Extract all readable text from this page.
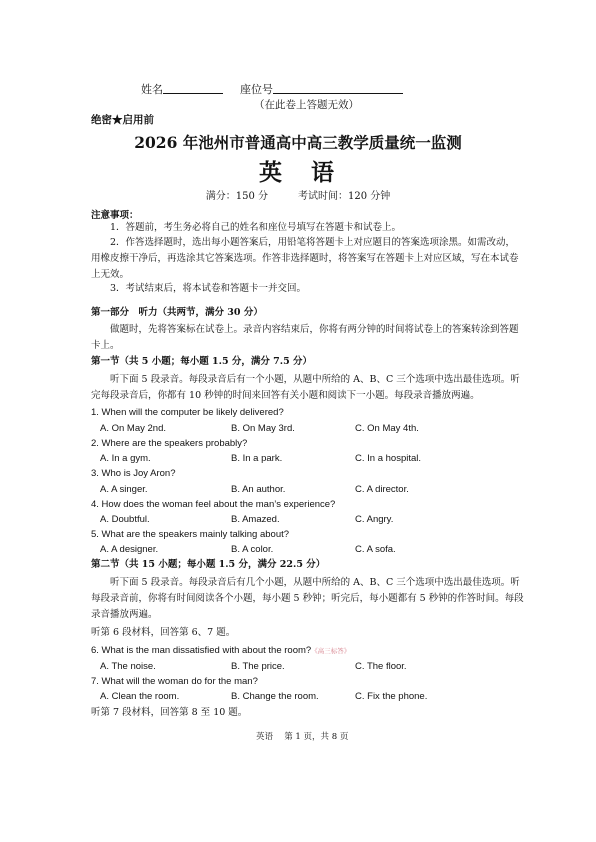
姓名	座位号
（在此卷上答题无效）
绝密★启用前
2026 年池州市普通高中高三教学质量统一监测
英　语
满分：150 分　　　考试时间：120 分钟
注意事项：
1．答题前，考生务必将自己的姓名和座位号填写在答题卡和试卷上。
2．作答选择题时，选出每小题答案后，用铅笔将答题卡上对应题目的答案选项涂黑。如需改动，用橡皮擦干净后，再选涂其它答案选项。作答非选择题时，将答案写在答题卡上对应区域，写在本试卷上无效。
3．考试结束后，将本试卷和答题卡一并交回。
第一部分　听力（共两节，满分 30 分）
做题时，先将答案标在试卷上。录音内容结束后，你将有两分钟的时间将试卷上的答案转涂到答题卡上。
第一节（共 5 小题；每小题 1.5 分，满分 7.5 分）
听下面 5 段录音。每段录音后有一个小题，从题中所给的 A、B、C 三个选项中选出最佳选项。听完每段录音后，你都有 10 秒钟的时间来回答有关小题和阅读下一小题。每段录音播放两遍。
1. When will the computer be likely delivered?
A. On May 2nd.	B. On May 3rd.	C. On May 4th.
2. Where are the speakers probably?
A. In a gym.	B. In a park.	C. In a hospital.
3. Who is Joy Aron?
A. A singer.	B. An author.	C. A director.
4. How does the woman feel about the man’s experience?
A. Doubtful.	B. Amazed.	C. Angry.
5. What are the speakers mainly talking about?
A. A designer.	B. A color.	C. A sofa.
第二节（共 15 小题；每小题 1.5 分，满分 22.5 分）
听下面 5 段录音。每段录音后有几个小题，从题中所给的 A、B、C 三个选项中选出最佳选项。听每段录音前，你将有时间阅读各个小题，每小题 5 秒钟；听完后，每小题都有 5 秒钟的作答时间。每段录音播放两遍。
听第 6 段材料，回答第 6、7 题。
6. What is the man dissatisfied with about the room?《高三标答》
A. The noise.	B. The price.	C. The floor.
7. What will the woman do for the man?
A. Clean the room.	B. Change the room.	C. Fix the phone.
听第 7 段材料，回答第 8 至 10 题。
英语　 第 1 页，共 8 页
